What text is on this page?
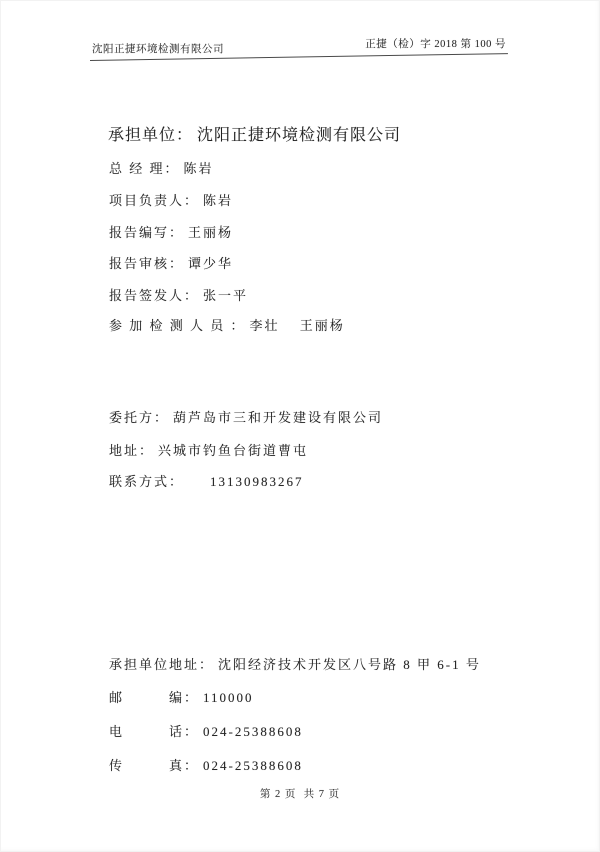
沈阳正捷环境检测有限公司	正捷（检）字 2018 第 100 号

承担单位： 沈阳正捷环境检测有限公司

总 经 理： 陈岩

项目负责人： 陈岩

报告编写： 王丽杨

报告审核： 谭少华

报告签发人： 张一平

参 加 检 测 人 员 ： 李壮　 王丽杨

委托方： 葫芦岛市三和开发建设有限公司

地址： 兴城市钓鱼台街道曹屯

联系方式： 13130983267

承担单位地址： 沈阳经济技术开发区八号路 8 甲 6-1 号

邮　　　编： 110000

电　　　话： 024-25388608

传　　　真： 024-25388608

第 2 页  共 7 页
